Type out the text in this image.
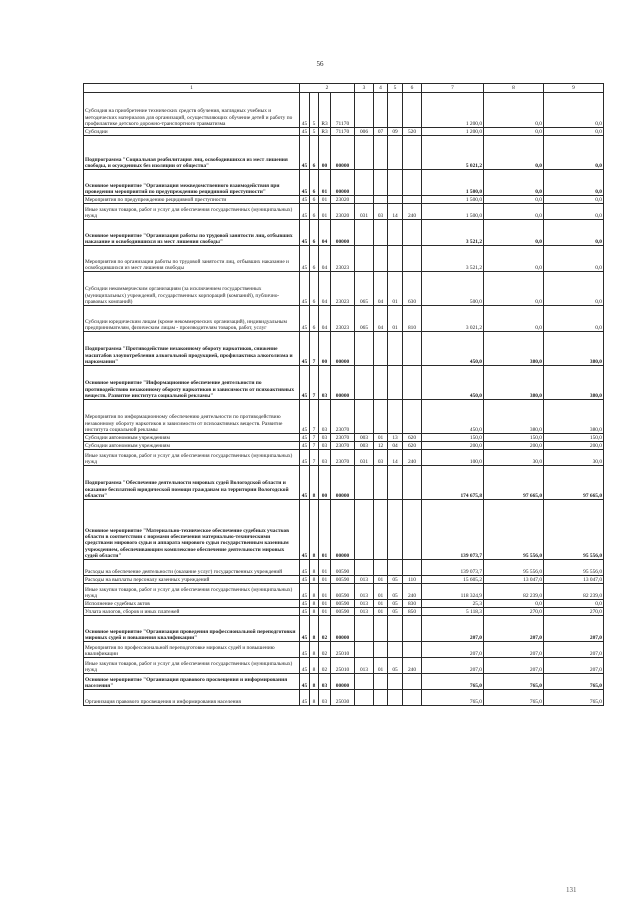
56
1	2				3	4	5	6	7	8	9
Субсидия на приобретение технических средств обучения, наглядных учебных и методических материалов для организаций, осуществляющих обучение детей и работу по профилактике детского дорожно-транспортного травматизма	45	5	R3	71170					1 200,0	0,0	0,0
Субсидии	45	5	R3	71170	006	07	09	520	1 200,0	0,0	0,0
Подпрограмма "Социальная реабилитация лиц, освободившихся из мест лишения свободы, и осужденных без изоляции от общества"	45	6	00	00000					5 021,2	0,0	0,0
Основное мероприятие "Организация межведомственного взаимодействия при проведении мероприятий по предупреждению рецидивной преступности"	45	6	01	00000					1 500,0	0,0	0,0
Мероприятия по предупреждению рецидивной преступности	45	6	01	23020					1 500,0	0,0	0,0
Иные закупки товаров, работ и услуг для обеспечения государственных (муниципальных) нужд	45	6	01	23020	031	03	14	240	1 500,0	0,0	0,0
Основное мероприятие "Организация работы по трудовой занятости лиц, отбывших наказание и освободившихся из мест лишения свободы"	45	6	04	00000					3 521,2	0,0	0,0
Мероприятия по организации работы по трудовой занятости лиц, отбывших наказание и освободившихся из мест лишения свободы	45	6	04	23023					3 521,2	0,0	0,0
Субсидии некоммерческим организациям (за исключением государственных (муниципальных) учреждений, государственных корпораций (компаний), публично-правовых компаний)	45	6	04	23023	065	04	01	630	500,0	0,0	0,0
Субсидии юридическим лицам (кроме некоммерческих организаций), индивидуальным предпринимателям, физическим лицам - производителям товаров, работ, услуг	45	6	04	23023	065	04	01	810	3 021,2	0,0	0,0
Подпрограмма "Противодействие незаконному обороту наркотиков, снижение масштабов злоупотребления алкогольной продукцией, профилактика алкоголизма и наркомании"	45	7	00	00000					450,0	380,0	380,0
Основное мероприятие "Информационное обеспечение деятельности по противодействию незаконному обороту наркотиков и зависимости от психоактивных веществ. Развитие института социальной рекламы"	45	7	03	00000					450,0	380,0	380,0
Мероприятия по информационному обеспечению деятельности по противодействию незаконному обороту наркотиков и зависимости от психоактивных веществ. Развитие института социальной рекламы	45	7	03	23070					450,0	380,0	380,0
Субсидии автономным учреждениям	45	7	03	23070	003	01	13	620	150,0	150,0	150,0
Субсидии автономным учреждениям	45	7	03	23070	003	12	04	620	200,0	200,0	200,0
Иные закупки товаров, работ и услуг для обеспечения государственных (муниципальных) нужд	45	7	03	23070	031	03	14	240	100,0	30,0	30,0
Подпрограмма "Обеспечение деятельности мировых судей Вологодской области и оказание бесплатной юридической помощи гражданам на территории Вологодской области"	45	8	00	00000					174 675,8	97 665,0	97 665,0
Основное мероприятие "Материально-техническое обеспечение судебных участков области в соответствии с нормами обеспечения материально-техническими средствами мирового судьи и аппарата мирового судьи государственным казенным учреждением, обеспечивающим комплексное обеспечение деятельности мировых судей области"	45	8	01	00000					139 073,7	95 556,0	95 556,0
Расходы на обеспечение деятельности (оказание услуг) государственных учреждений	45	8	01	00590					139 073,7	95 556,0	95 556,0
Расходы на выплаты персоналу казенных учреждений	45	8	01	00590	013	01	05	110	15 605,2	13 047,0	13 047,0
Иные закупки товаров, работ и услуг для обеспечения государственных (муниципальных) нужд	45	8	01	00590	013	01	05	240	118 324,9	82 239,0	82 239,0
Исполнение судебных актов	45	8	01	00590	013	01	05	830	25,3	0,0	0,0
Уплата налогов, сборов и иных платежей	45	8	01	00590	013	01	05	850	5 118,3	270,0	270,0
Основное мероприятие "Организация проведения профессиональной переподготовки мировых судей и повышения квалификации"	45	8	02	00000					207,0	207,0	207,0
Мероприятия по профессиональной переподготовке мировых судей и повышению квалификации	45	8	02	25010					207,0	207,0	207,0
Иные закупки товаров, работ и услуг для обеспечения государственных (муниципальных) нужд	45	8	02	25010	013	01	05	240	207,0	207,0	207,0
Основное мероприятие "Организация правового просвещения и информирования населения"	45	8	03	00000					765,0	765,0	765,0
Организация правового просвещения и информирования населения	45	8	03	25030					765,0	765,0	765,0
131
